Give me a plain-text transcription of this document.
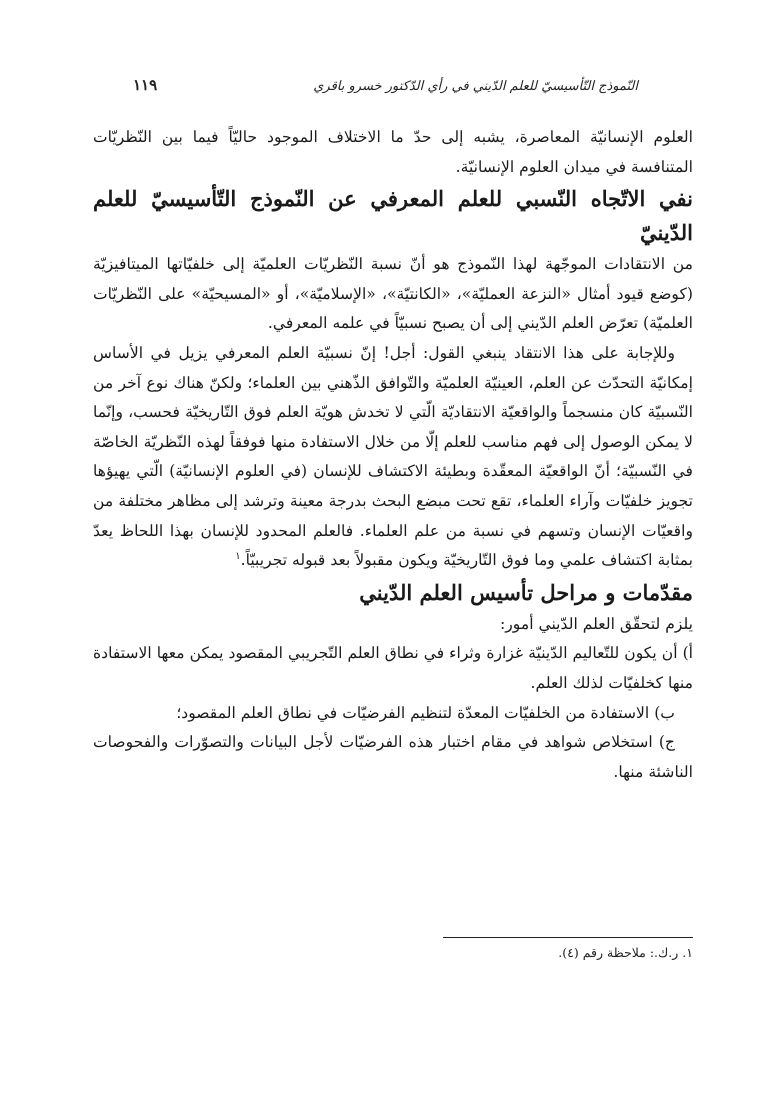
النّموذج التّأسيسيّ للعلم الدّيني في رأي الدّكتور خسرو باقري
١١٩

العلوم الإنسانيّة المعاصرة، يشبه إلى حدّ ما الاختلاف الموجود حاليّاً فيما بين النّظريّات المتنافسة في ميدان العلوم الإنسانيّة.

نفي الاتّجاه النّسبي للعلم المعرفي عن النّموذج التّأسيسيّ للعلم الدّينيّ

من الانتقادات الموجّهة لهذا النّموذج هو أنّ نسبة النّظريّات العلميّة إلى خلفيّاتها الميتافيزيّة (كوضع قيود أمثال «النزعة العمليّة»، «الكانتيّة»، «الإسلاميّة»، أو «المسيحيّة» على النّظريّات العلميّة) تعرّض العلم الدّيني إلى أن يصبح نسبيّاً في علمه المعرفي.

وللإجابة على هذا الانتقاد ينبغي القول: أجل! إنّ نسبيّة العلم المعرفي يزيل في الأساس إمكانيّة التحدّث عن العلم، العينيّة العلميّة والتّوافق الذّهني بين العلماء؛ ولكنّ هناك نوع آخر من النّسبيّة كان منسجماً والواقعيّة الانتقاديّة الّتي لا تخدش هويّة العلم فوق التّاريخيّة فحسب، وإنّما لا يمكن الوصول إلى فهم مناسب للعلم إلّا من خلال الاستفادة منها فوفقاً لهذه النّظريّة الخاصّة في النّسبيّة؛ أنّ الواقعيّة المعقّدة وبطيئة الاكتشاف للإنسان (في العلوم الإنسانيّة) الّتي يهيؤها تجويز خلفيّات وآراء العلماء، تقع تحت مبضع البحث بدرجة معينة وترشد إلى مظاهر مختلفة من واقعيّات الإنسان وتسهم في نسبة من علم العلماء. فالعلم المحدود للإنسان بهذا اللحاظ يعدّ بمثابة اكتشاف علمي وما فوق التّاريخيّة ويكون مقبولاً بعد قبوله تجريبيّاً.$^١$

مقدّمات و مراحل تأسيس العلم الدّيني

يلزم لتحقّق العلم الدّيني أمور:

أ) أن يكون للتّعاليم الدّينيّة غزارة وثراء في نطاق العلم التّجريبي المقصود يمكن معها الاستفادة منها كخلفيّات لذلك العلم.

ب) الاستفادة من الخلفيّات المعدّة لتنظيم الفرضيّات في نطاق العلم المقصود؛

ج) استخلاص شواهد في مقام اختبار هذه الفرضيّات لأجل البيانات والتصوّرات والفحوصات الناشئة منها.

١. ر.ك.: ملاحظة رقم (٤).
